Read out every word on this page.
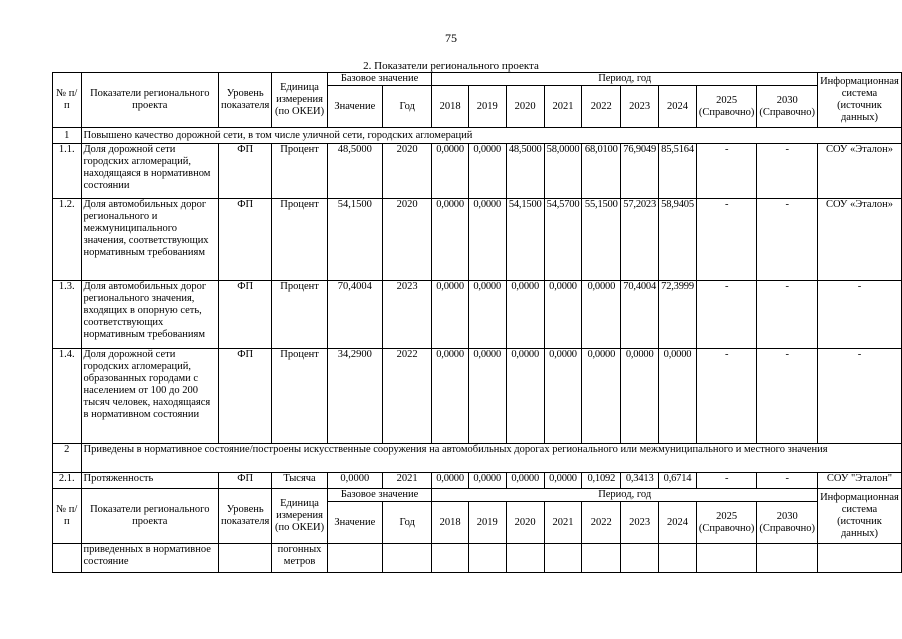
75
2. Показатели регионального проекта
№ п/п	Показатели регионального проекта	Уровень показателя	Единица измерения (по ОКЕИ)	Базовое значение		Период, год									Информационная система (источник данных)
				Значение	Год	2018	2019	2020	2021	2022	2023	2024	2025 (Справочно)	2030 (Справочно)	
1	Повышено качество дорожной сети, в том числе уличной сети, городских агломераций														
1.1.	Доля дорожной сети городских агломераций, находящаяся в нормативном состоянии	ФП	Процент	48,5000	2020	0,0000	0,0000	48,5000	58,0000	68,0100	76,9049	85,5164	-	-	СОУ «Эталон»
1.2.	Доля автомобильных дорог регионального и межмуниципального значения, соответствующих нормативным требованиям	ФП	Процент	54,1500	2020	0,0000	0,0000	54,1500	54,5700	55,1500	57,2023	58,9405	-	-	СОУ «Эталон»
1.3.	Доля автомобильных дорог регионального значения, входящих в опорную сеть, соответствующих нормативным требованиям	ФП	Процент	70,4004	2023	0,0000	0,0000	0,0000	0,0000	0,0000	70,4004	72,3999	-	-	-
1.4.	Доля дорожной сети городских агломераций, образованных городами с населением от 100 до 200 тысяч человек, находящаяся в нормативном состоянии	ФП	Процент	34,2900	2022	0,0000	0,0000	0,0000	0,0000	0,0000	0,0000	0,0000	-	-	-
2	Приведены в нормативное состояние/построены искусственные сооружения на автомобильных дорогах регионального или межмуниципального и местного значения														
2.1.	Протяженность	ФП	Тысяча	0,0000	2021	0,0000	0,0000	0,0000	0,0000	0,1092	0,3413	0,6714	-	-	СОУ "Эталон"
№ п/п	Показатели регионального проекта	Уровень показателя	Единица измерения (по ОКЕИ)	Базовое значение		Период, год									Информационная система (источник данных)
				Значение	Год	2018	2019	2020	2021	2022	2023	2024	2025 (Справочно)	2030 (Справочно)	
	приведенных в нормативное состояние		погонных метров												
